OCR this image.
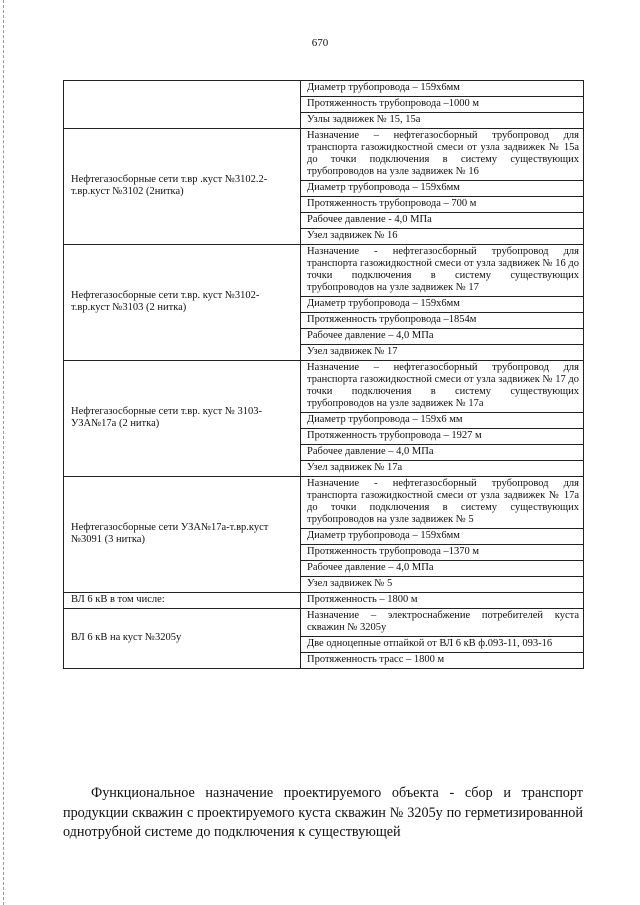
670
	Диаметр трубопровода – 159х6мм
	Протяженность трубопровода –1000 м
	Узлы задвижек № 15, 15а
Нефтегазосборные сети т.вр .куст №3102.2-т.вр.куст №3102 (2нитка)	Назначение – нефтегазосборный трубопровод для транспорта газожидкостной смеси от узла задвижек № 15а до точки подключения в систему существующих трубопроводов на узле задвижек № 16
	Диаметр трубопровода – 159х6мм
	Протяженность трубопровода – 700 м
	Рабочее давление - 4,0 МПа
	Узел задвижек № 16
Нефтегазосборные сети т.вр. куст №3102-т.вр.куст №3103 (2 нитка)	Назначение - нефтегазосборный трубопровод для транспорта газожидкостной смеси от узла задвижек № 16 до точки подключения в систему существующих трубопроводов на узле задвижек № 17
	Диаметр трубопровода – 159х6мм
	Протяженность трубопровода –1854м
	Рабочее давление – 4,0 МПа
	Узел задвижек № 17
Нефтегазосборные сети т.вр. куст № 3103-УЗА№17а (2 нитка)	Назначение – нефтегазосборный трубопровод для транспорта газожидкостной смеси от узла задвижек № 17 до точки подключения в систему существующих трубопроводов на узле задвижек № 17а
	Диаметр трубопровода – 159х6 мм
	Протяженность трубопровода – 1927 м
	Рабочее давление – 4,0 МПа
	Узел задвижек № 17а
Нефтегазосборные сети УЗА№17а-т.вр.куст №3091 (3 нитка)	Назначение - нефтегазосборный трубопровод для транспорта газожидкостной смеси от узла задвижек № 17а до точки подключения в систему существующих трубопроводов на узле задвижек № 5
	Диаметр трубопровода – 159х6мм
	Протяженность трубопровода –1370 м
	Рабочее давление – 4,0 МПа
	Узел задвижек № 5
ВЛ 6 кВ в том числе:	Протяженность – 1800 м
ВЛ 6 кВ на куст №3205у	Назначение – электроснабжение потребителей куста скважин № 3205у
	Две одноцепные отпайкой от ВЛ 6 кВ ф.093-11, 093-16
	Протяженность трасс – 1800 м

Функциональное назначение проектируемого объекта - сбор и транспорт продукции скважин с проектируемого куста скважин № 3205у по герметизированной однотрубной системе до подключения к существующей
